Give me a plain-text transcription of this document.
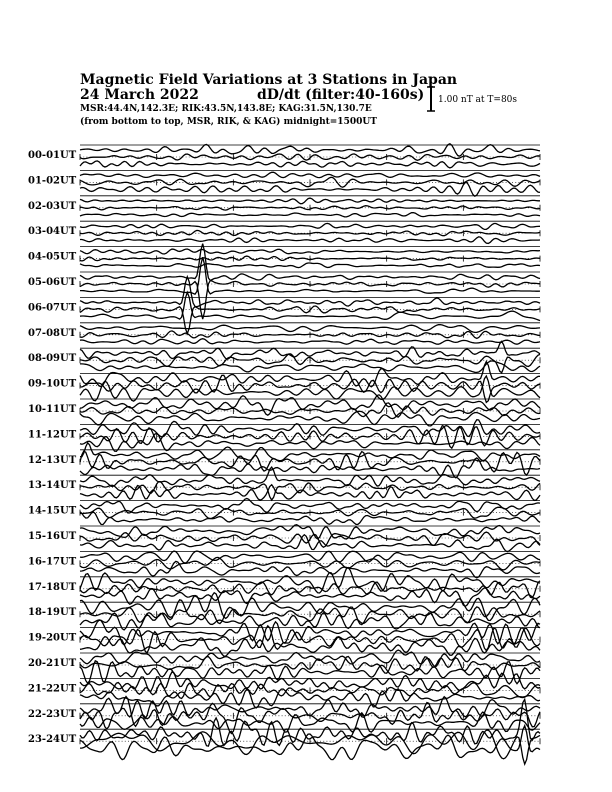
Magnetic Field Variations at 3 Stations in Japan
24 March 2022	dD/dt (filter:40-160s)
MSR:44.4N,142.3E; RIK:43.5N,143.8E; KAG:31.5N,130.7E
(from bottom to top, MSR, RIK, & KAG) midnight=1500UT
1.00 nT at T=80s
00-01UT
01-02UT
02-03UT
03-04UT
04-05UT
05-06UT
06-07UT
07-08UT
08-09UT
09-10UT
10-11UT
11-12UT
12-13UT
13-14UT
14-15UT
15-16UT
16-17UT
17-18UT
18-19UT
19-20UT
20-21UT
21-22UT
22-23UT
23-24UT
